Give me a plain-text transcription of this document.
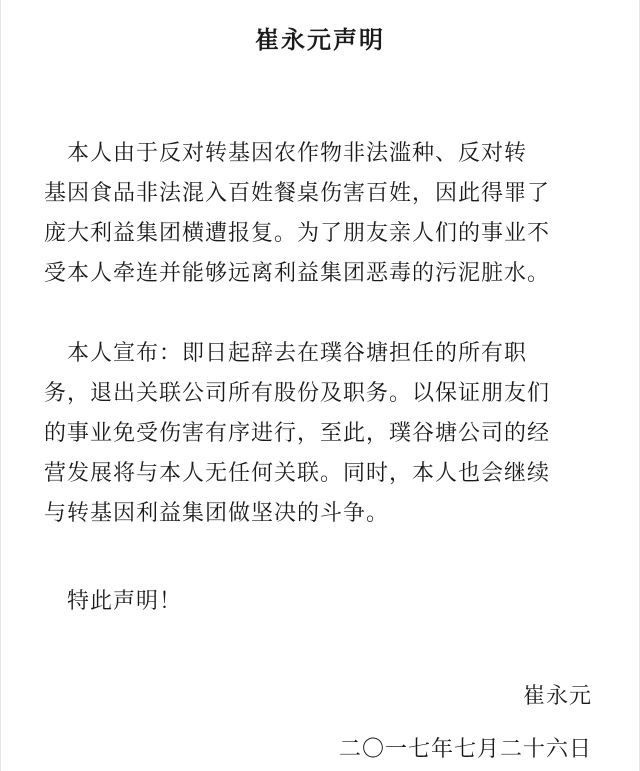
崔永元声明
　本人由于反对转基因农作物非法滥种、反对转
基因食品非法混入百姓餐桌伤害百姓，因此得罪了
庞大利益集团横遭报复。为了朋友亲人们的事业不
受本人牵连并能够远离利益集团恶毒的污泥脏水。
　本人宣布：即日起辞去在璞谷塘担任的所有职
务，退出关联公司所有股份及职务。以保证朋友们
的事业免受伤害有序进行，至此，璞谷塘公司的经
营发展将与本人无任何关联。同时，本人也会继续
与转基因利益集团做坚决的斗争。
　特此声明！
崔永元
二〇一七年七月二十六日
